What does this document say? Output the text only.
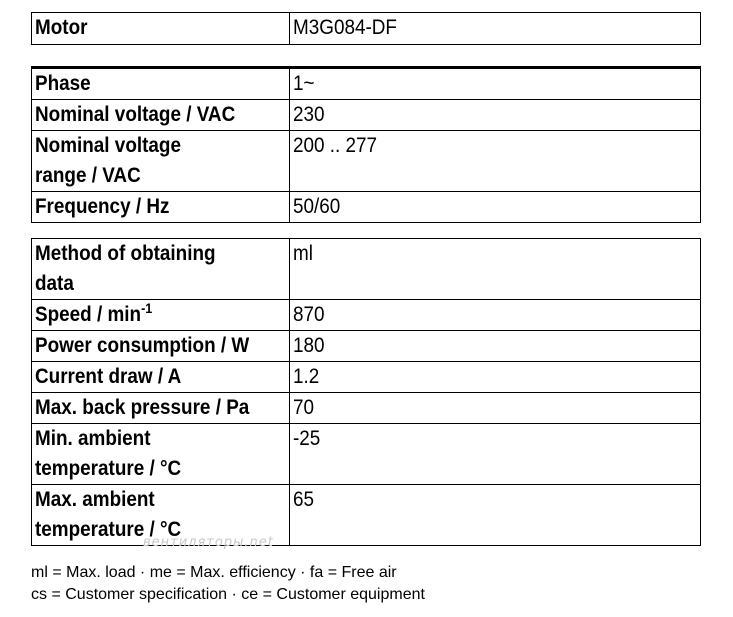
Motor	M3G084-DF
Phase	1~
Nominal voltage / VAC	230
Nominal voltage
range / VAC	200 .. 277
Frequency / Hz	50/60
Method of obtaining
data	ml
Speed / $\min^{-1}$	870
Power consumption / W	180
Current draw / A	1.2
Max. back pressure / Pa	70
Min. ambient
temperature / °C	-25
Max. ambient
temperature / °C	65
вентиляторы.net
ml = Max. load · me = Max. efficiency · fa = Free air
cs = Customer specification · ce = Customer equipment
